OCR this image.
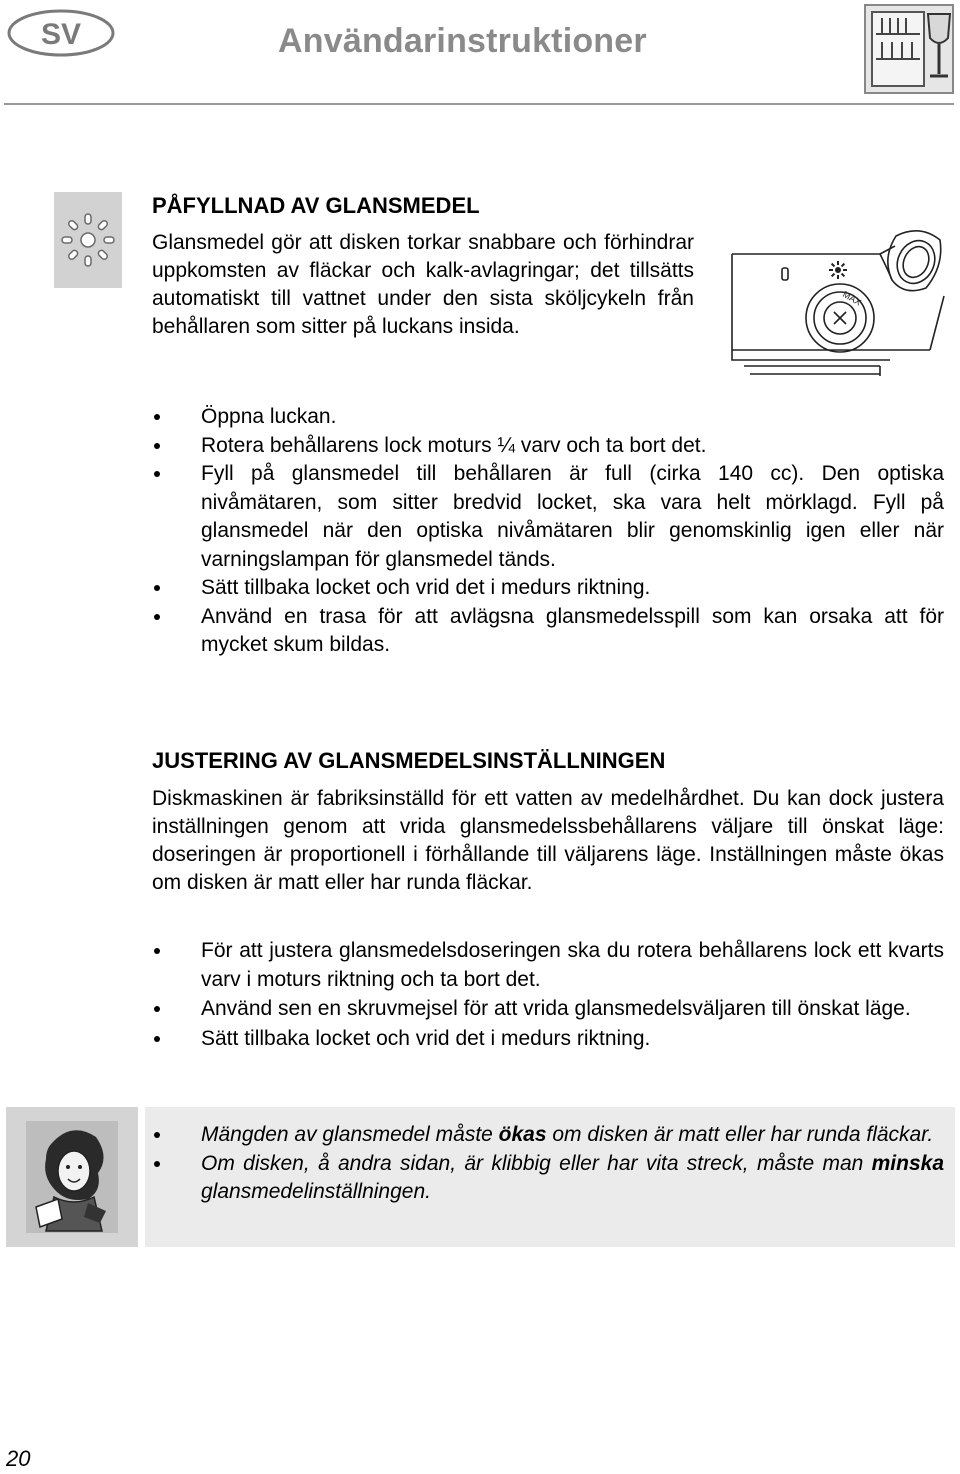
SV	Användarinstruktioner
PÅFYLLNAD AV GLANSMEDEL
Glansmedel gör att disken torkar snabbare och förhindrar uppkomsten av fläckar och kalk-avlagringar; det tillsätts automatiskt till vattnet under den sista sköljcykeln från behållaren som sitter på luckans insida.
MAX
Öppna luckan.
Rotera behållarens lock moturs ¼ varv och ta bort det.
Fyll på glansmedel till behållaren är full (cirka 140 cc). Den optiska nivåmätaren, som sitter bredvid locket, ska vara helt mörklagd. Fyll på glansmedel när den optiska nivåmätaren blir genomskinlig igen eller när varningslampan för glansmedel tänds.
Sätt tillbaka locket och vrid det i medurs riktning.
Använd en trasa för att avlägsna glansmedelsspill som kan orsaka att för mycket skum bildas.
JUSTERING AV GLANSMEDELSINSTÄLLNINGEN
Diskmaskinen är fabriksinställd för ett vatten av medelhårdhet. Du kan dock justera inställningen genom att vrida glansmedelssbehållarens väljare till önskat läge: doseringen är proportionell i förhållande till väljarens läge. Inställningen måste ökas om disken är matt eller har runda fläckar.
För att justera glansmedelsdoseringen ska du rotera behållarens lock ett kvarts varv i moturs riktning och ta bort det.
Använd sen en skruvmejsel för att vrida glansmedelsväljaren till önskat läge.
Sätt tillbaka locket och vrid det i medurs riktning.
Mängden av glansmedel måste ökas om disken är matt eller har runda fläckar.
Om disken, å andra sidan, är klibbig eller har vita streck, måste man minska glansmedelinställningen.
20
